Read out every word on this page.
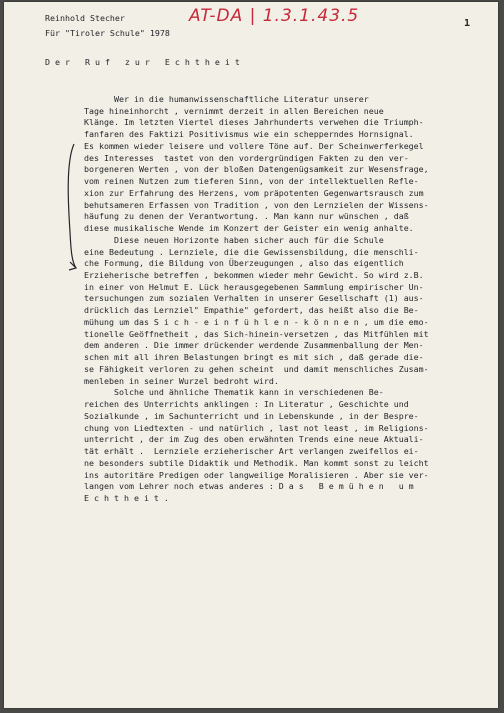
Reinhold Stecher
Für "Tiroler Schule" 1978
AT-DA | 1.3.1.43.5	1
D e r   R u f   z u r   E c h t h e i t
Wer in die humanwissenschaftliche Literatur unserer
Tage hineinhorcht , vernimmt derzeit in allen Bereichen neue
Klänge. Im letzten Viertel dieses Jahrhunderts verwehen die Triumph-
fanfaren des Faktizi Positivismus wie ein schepperndes Hornsignal.
Es kommen wieder leisere und vollere Töne auf. Der Scheinwerferkegel
des Interesses  tastet von den vordergründigen Fakten zu den ver-
borgeneren Werten , von der bloßen Datengenügsamkeit zur Wesensfrage,
vom reinen Nutzen zum tieferen Sinn, von der intellektuellen Refle-
xion zur Erfahrung des Herzens, vom präpotenten Gegenwartsrausch zum
behutsameren Erfassen von Tradition , von den Lernzielen der Wissens-
häufung zu denen der Verantwortung. . Man kann nur wünschen , daß
diese musikalische Wende im Konzert der Geister ein wenig anhalte.
Diese neuen Horizonte haben sicher auch für die Schule
eine Bedeutung . Lernziele, die die Gewissensbildung, die menschli-
che Formung, die Bildung von Überzeugungen , also das eigentlich
Erzieherische betreffen , bekommen wieder mehr Gewicht. So wird z.B.
in einer von Helmut E. Lück herausgegebenen Sammlung empirischer Un-
tersuchungen zum sozialen Verhalten in unserer Gesellschaft (1) aus-
drücklich das Lernziel" Empathie" gefordert, das heißt also die Be-
mühung um das S i c h - e i n f ü h l e n - k ö n n e n , um die emo-
tionelle Geöffnetheit , das Sich-hinein-versetzen , das Mitfühlen mit
dem anderen . Die immer drückender werdende Zusammenballung der Men-
schen mit all ihren Belastungen bringt es mit sich , daß gerade die-
se Fähigkeit verloren zu gehen scheint  und damit menschliches Zusam-
menleben in seiner Wurzel bedroht wird.
Solche und ähnliche Thematik kann in verschiedenen Be-
reichen des Unterrichts anklingen : In Literatur , Geschichte und
Sozialkunde , im Sachunterricht und in Lebenskunde , in der Bespre-
chung von Liedtexten - und natürlich , last not least , im Religions-
unterricht , der im Zug des oben erwähnten Trends eine neue Aktuali-
tät erhält .  Lernziele erzieherischer Art verlangen zweifellos ei-
ne besonders subtile Didaktik und Methodik. Man kommt sonst zu leicht
ins autoritäre Predigen oder langweilige Moralisieren . Aber sie ver-
langen vom Lehrer noch etwas anderes : D a s   B e m ü h e n   u m
E c h t h e i t .
